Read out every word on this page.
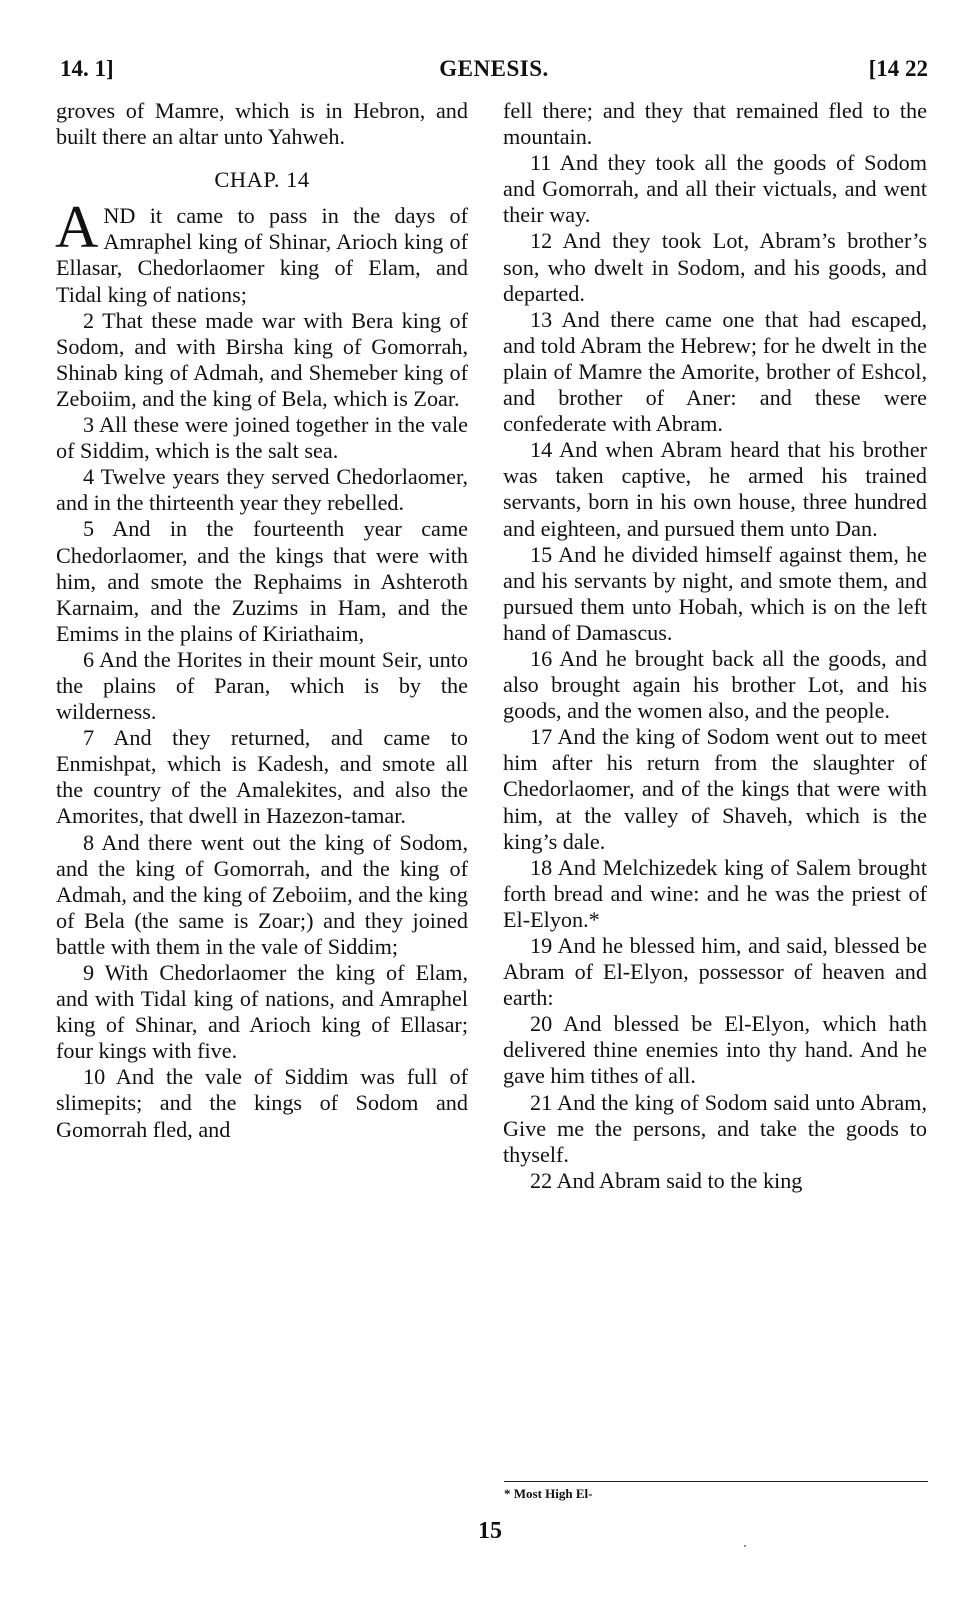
14. 1]	GENESIS.	[14 22

groves of Mamre, which is in Hebron, and built there an altar unto Yahweh.

CHAP. 14

AND it came to pass in the days of Amraphel king of Shinar, Arioch king of Ellasar, Chedorlaomer king of Elam, and Tidal king of nations;

2 That these made war with Bera king of Sodom, and with Birsha king of Gomorrah, Shinab king of Admah, and Shemeber king of Zeboiim, and the king of Bela, which is Zoar.

3 All these were joined together in the vale of Siddim, which is the salt sea.

4 Twelve years they served Chedorlaomer, and in the thirteenth year they rebelled.

5 And in the fourteenth year came Chedorlaomer, and the kings that were with him, and smote the Rephaims in Ashteroth Karnaim, and the Zuzims in Ham, and the Emims in the plains of Kiriathaim,

6 And the Horites in their mount Seir, unto the plains of Paran, which is by the wilderness.

7 And they returned, and came to Enmishpat, which is Kadesh, and smote all the country of the Amalekites, and also the Amorites, that dwell in Hazezon-tamar.

8 And there went out the king of Sodom, and the king of Gomorrah, and the king of Admah, and the king of Zeboiim, and the king of Bela (the same is Zoar;) and they joined battle with them in the vale of Siddim;

9 With Chedorlaomer the king of Elam, and with Tidal king of nations, and Amraphel king of Shinar, and Arioch king of Ellasar; four kings with five.

10 And the vale of Siddim was full of slimepits; and the kings of Sodom and Gomorrah fled, and

fell there; and they that remained fled to the mountain.

11 And they took all the goods of Sodom and Gomorrah, and all their victuals, and went their way.

12 And they took Lot, Abram’s brother’s son, who dwelt in Sodom, and his goods, and departed.

13 And there came one that had escaped, and told Abram the Hebrew; for he dwelt in the plain of Mamre the Amorite, brother of Eshcol, and brother of Aner: and these were confederate with Abram.

14 And when Abram heard that his brother was taken captive, he armed his trained servants, born in his own house, three hundred and eighteen, and pursued them unto Dan.

15 And he divided himself against them, he and his servants by night, and smote them, and pursued them unto Hobah, which is on the left hand of Damascus.

16 And he brought back all the goods, and also brought again his brother Lot, and his goods, and the women also, and the people.

17 And the king of Sodom went out to meet him after his return from the slaughter of Chedorlaomer, and of the kings that were with him, at the valley of Shaveh, which is the king’s dale.

18 And Melchizedek king of Salem brought forth bread and wine: and he was the priest of El-Elyon.*

19 And he blessed him, and said, blessed be Abram of El-Elyon, possessor of heaven and earth:

20 And blessed be El-Elyon, which hath delivered thine enemies into thy hand. And he gave him tithes of all.

21 And the king of Sodom said unto Abram, Give me the persons, and take the goods to thyself.

22 And Abram said to the king

* Most High El-
15
